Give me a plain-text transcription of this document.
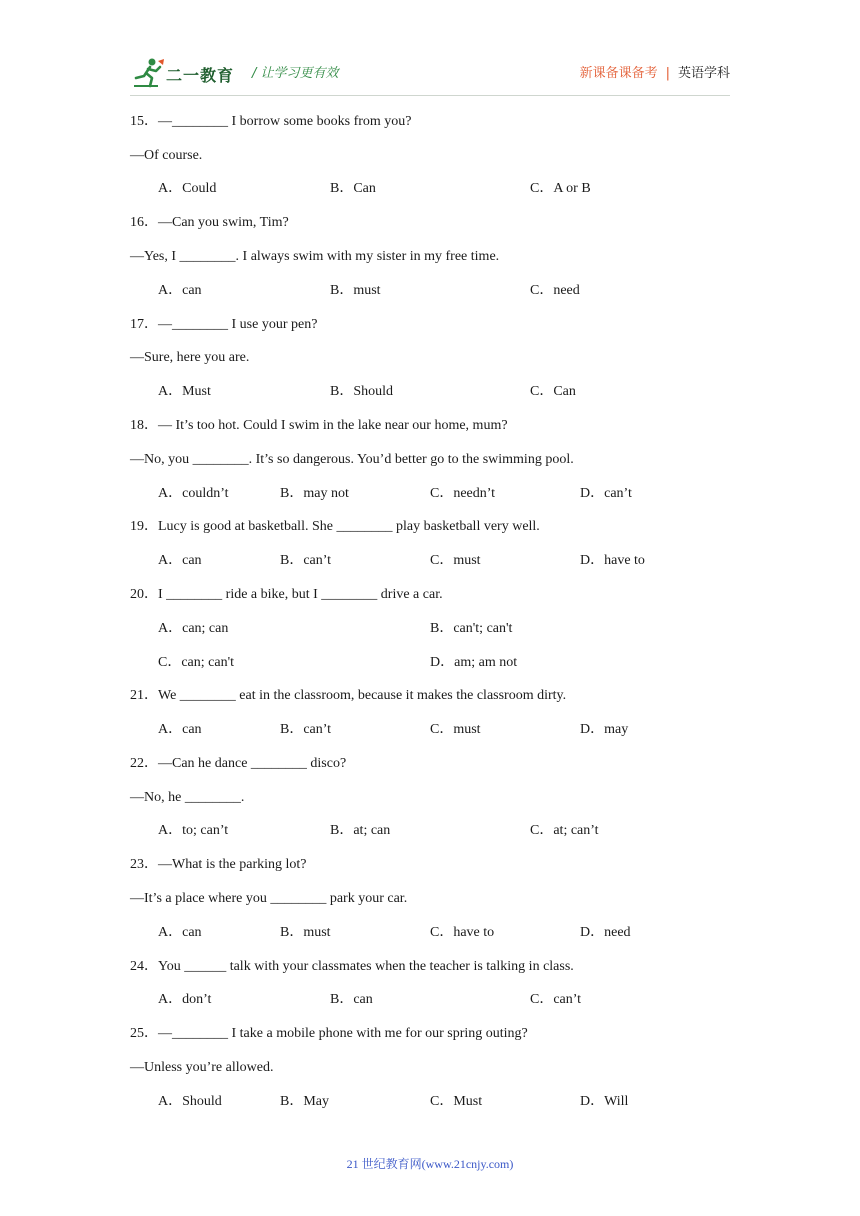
二一教育 / 让学习更有效	新课备课备考 | 英语学科
15．—________ I borrow some books from you?
—Of course.
A．Could	B．Can	C．A or B
16．—Can you swim, Tim?
—Yes, I ________. I always swim with my sister in my free time.
A．can	B．must	C．need
17．—________ I use your pen?
—Sure, here you are.
A．Must	B．Should	C．Can
18．— It’s too hot. Could I swim in the lake near our home, mum?
—No, you ________. It’s so dangerous. You’d better go to the swimming pool.
A．couldn’t	B．may not	C．needn’t	D．can’t
19．Lucy is good at basketball. She ________ play basketball very well.
A．can	B．can’t	C．must	D．have to
20．I ________ ride a bike, but I ________ drive a car.
A．can; can	B．can't; can't
C．can; can't	D．am; am not
21．We ________ eat in the classroom, because it makes the classroom dirty.
A．can	B．can’t	C．must	D．may
22．—Can he dance ________ disco?
—No, he ________.
A．to; can’t	B．at; can	C．at; can’t
23．—What is the parking lot?
—It’s a place where you ________ park your car.
A．can	B．must	C．have to	D．need
24．You ______ talk with your classmates when the teacher is talking in class.
A．don’t	B．can	C．can’t
25．—________ I take a mobile phone with me for our spring outing?
—Unless you’re allowed.
A．Should	B．May	C．Must	D．Will
21 世纪教育网(www.21cnjy.com)
